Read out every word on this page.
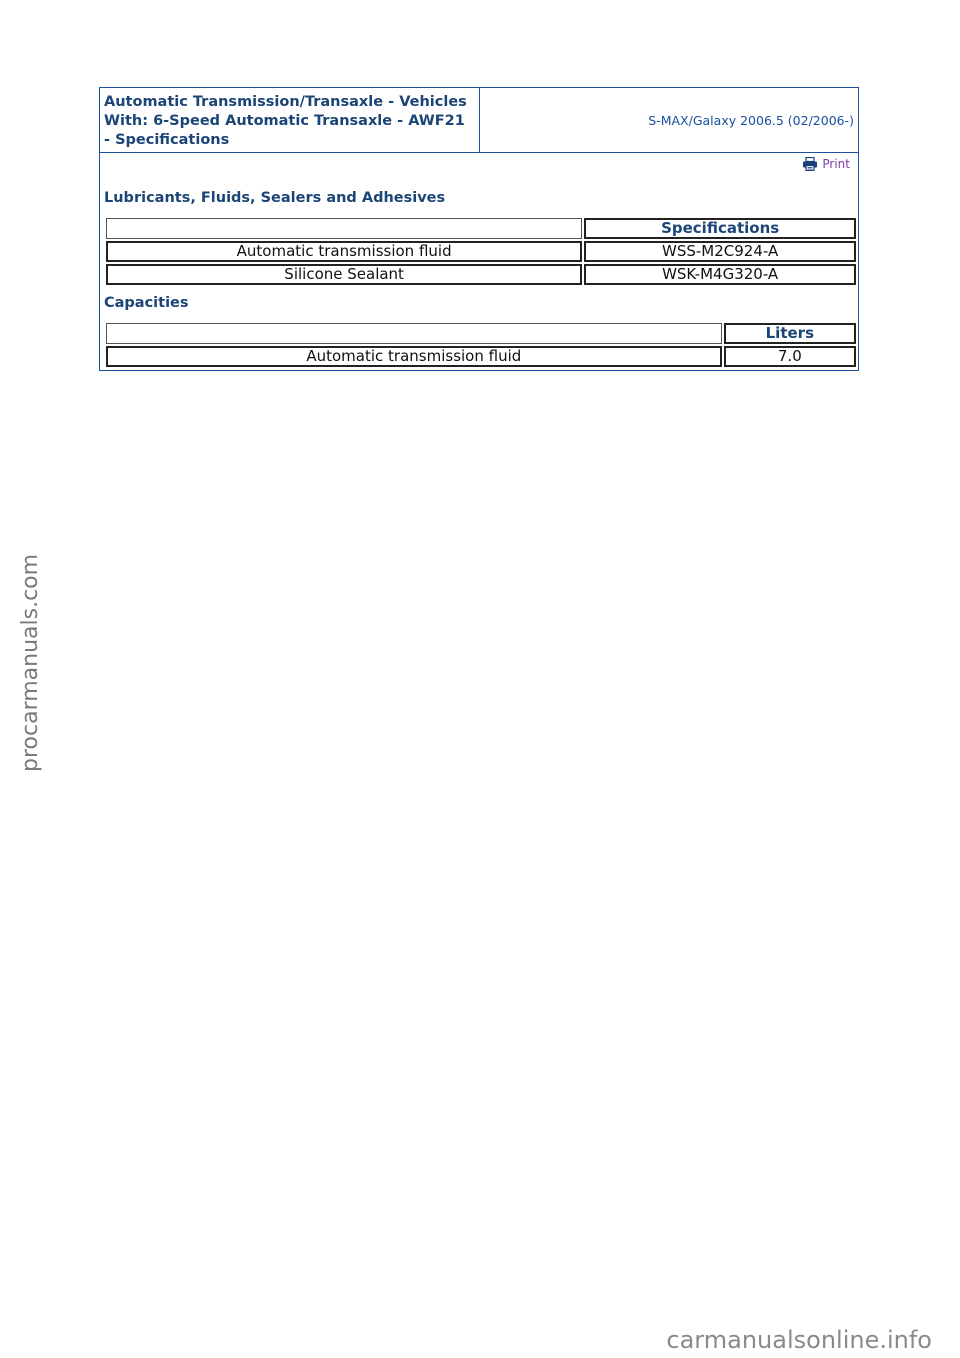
Automatic Transmission/Transaxle - Vehicles With: 6-Speed Automatic Transaxle - AWF21 - Specifications
S-MAX/Galaxy 2006.5 (02/2006-)
Print
Lubricants, Fluids, Sealers and Adhesives
	Specifications
Automatic transmission fluid	WSS-M2C924-A
Silicone Sealant	WSK-M4G320-A
Capacities
	Liters
Automatic transmission fluid	7.0
procarmanuals.com
carmanualsonline.info
